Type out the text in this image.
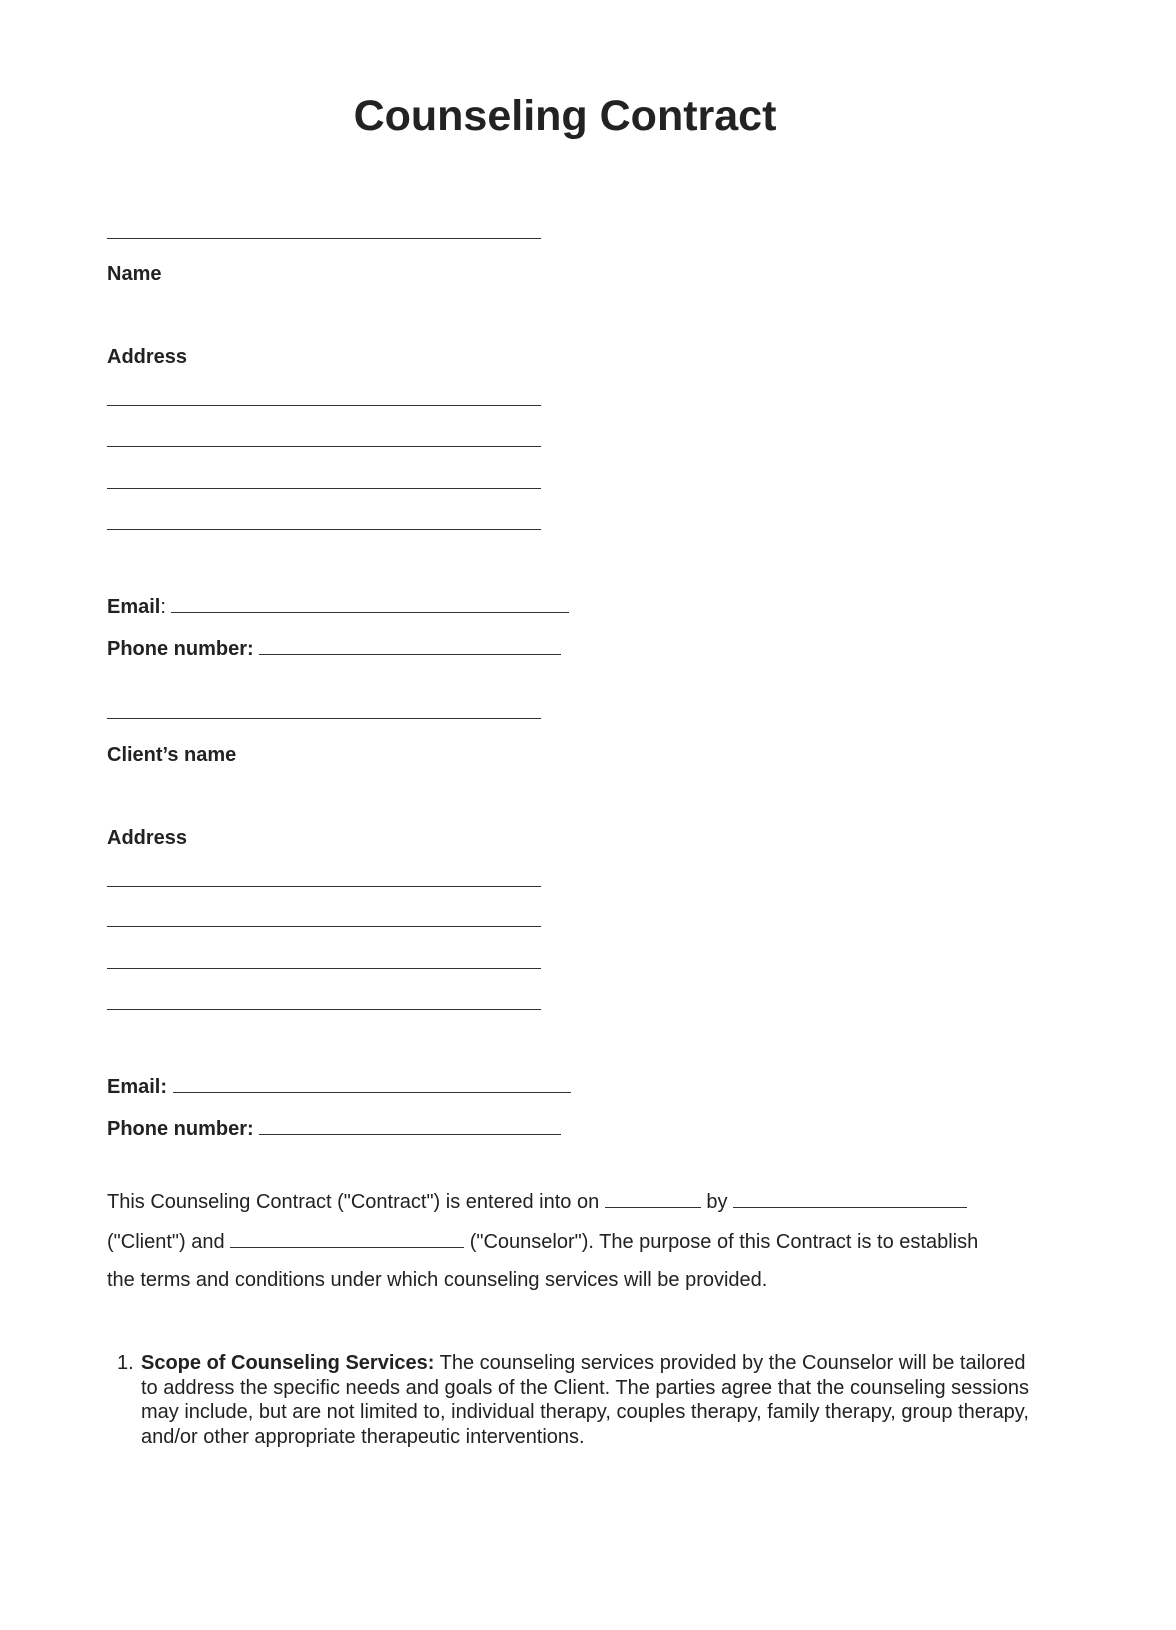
Counseling Contract
Name
Address
Email:
Phone number:
Client’s name
Address
Email:
Phone number:
This Counseling Contract ("Contract") is entered into on	by
("Client") and	("Counselor"). The purpose of this Contract is to establish
the terms and conditions under which counseling services will be provided.
1. Scope of Counseling Services: The counseling services provided by the Counselor will be tailored to address the specific needs and goals of the Client. The parties agree that the counseling sessions may include, but are not limited to, individual therapy, couples therapy, family therapy, group therapy, and/or other appropriate therapeutic interventions.
